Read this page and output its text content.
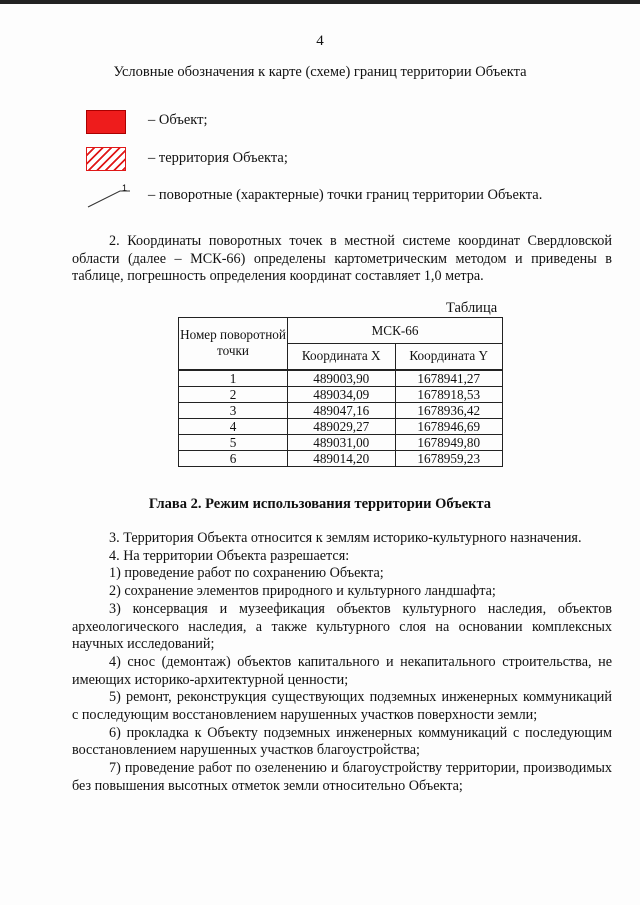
4
Условные обозначения к карте (схеме) границ территории Объекта
– Объект;
– территория Объекта;
1 – поворотные (характерные) точки границ территории Объекта.
2. Координаты поворотных точек в местной системе координат Свердловской области (далее – МСК-66) определены картометрическим методом и приведены в таблице, погрешность определения координат составляет 1,0 метра.
Таблица
Номер поворотной точки	МСК-66	
	Координата X	Координата Y
1	489003,90	1678941,27
2	489034,09	1678918,53
3	489047,16	1678936,42
4	489029,27	1678946,69
5	489031,00	1678949,80
6	489014,20	1678959,23
Глава 2. Режим использования территории Объекта

3. Территория Объекта относится к землям историко-культурного назначения.

4. На территории Объекта разрешается:

1) проведение работ по сохранению Объекта;

2) сохранение элементов природного и культурного ландшафта;

3) консервация и музеефикация объектов культурного наследия, объектов археологического наследия, а также культурного слоя на основании комплексных научных исследований;

4) снос (демонтаж) объектов капитального и некапитального строительства, не имеющих историко-архитектурной ценности;

5) ремонт, реконструкция существующих подземных инженерных коммуникаций с последующим восстановлением нарушенных участков поверхности земли;

6) прокладка к Объекту подземных инженерных коммуникаций с последующим восстановлением нарушенных участков благоустройства;

7) проведение работ по озеленению и благоустройству территории, производимых без повышения высотных отметок земли относительно Объекта;
